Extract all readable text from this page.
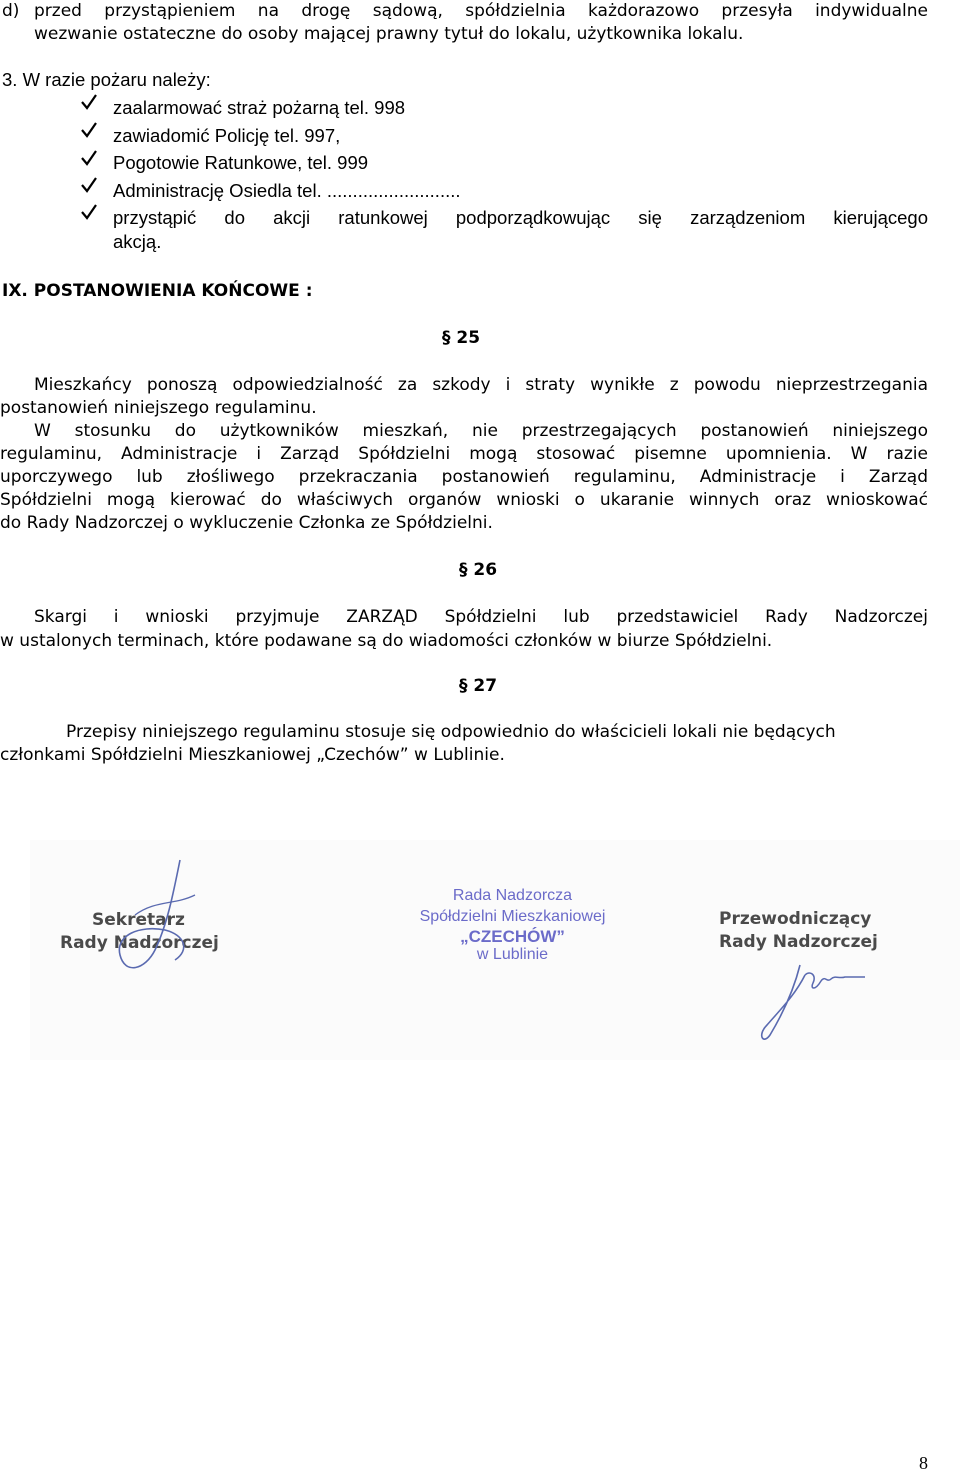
d) przed przystąpieniem na drogę sądową, spółdzielnia każdorazowo przesyła indywidualne
wezwanie ostateczne do osoby mającej prawny tytuł do lokalu, użytkownika lokalu.
3. W razie pożaru należy:
zaalarmować straż pożarną tel. 998
zawiadomić Policję tel. 997,
Pogotowie Ratunkowe, tel. 999
Administrację Osiedla tel. ..........................
przystąpić do akcji ratunkowej podporządkowując się zarządzeniom kierującego
akcją.
IX. POSTANOWIENIA KOŃCOWE :
§ 25
Mieszkańcy ponoszą odpowiedzialność za szkody i straty wynikłe z powodu nieprzestrzegania
postanowień niniejszego regulaminu.
W stosunku do użytkowników mieszkań, nie przestrzegających postanowień niniejszego
regulaminu, Administracje i Zarząd Spółdzielni mogą stosować pisemne upomnienia. W razie
uporczywego lub złośliwego przekraczania postanowień regulaminu, Administracje i Zarząd
Spółdzielni mogą kierować do właściwych organów wnioski o ukaranie winnych oraz wnioskować
do Rady Nadzorczej o wykluczenie Członka ze Spółdzielni.
§ 26
Skargi i wnioski przyjmuje ZARZĄD Spółdzielni lub przedstawiciel Rady Nadzorczej
w ustalonych terminach, które podawane są do wiadomości członków w biurze Spółdzielni.
§ 27
Przepisy niniejszego regulaminu stosuje się odpowiednio do właścicieli lokali nie będących
członkami Spółdzielni Mieszkaniowej „Czechów” w Lublinie.
Sekretarz
Rady Nadzorczej
Rada Nadzorcza
Spółdzielni Mieszkaniowej
„CZECHÓW”
w Lublinie
Przewodniczący
Rady Nadzorczej
8
